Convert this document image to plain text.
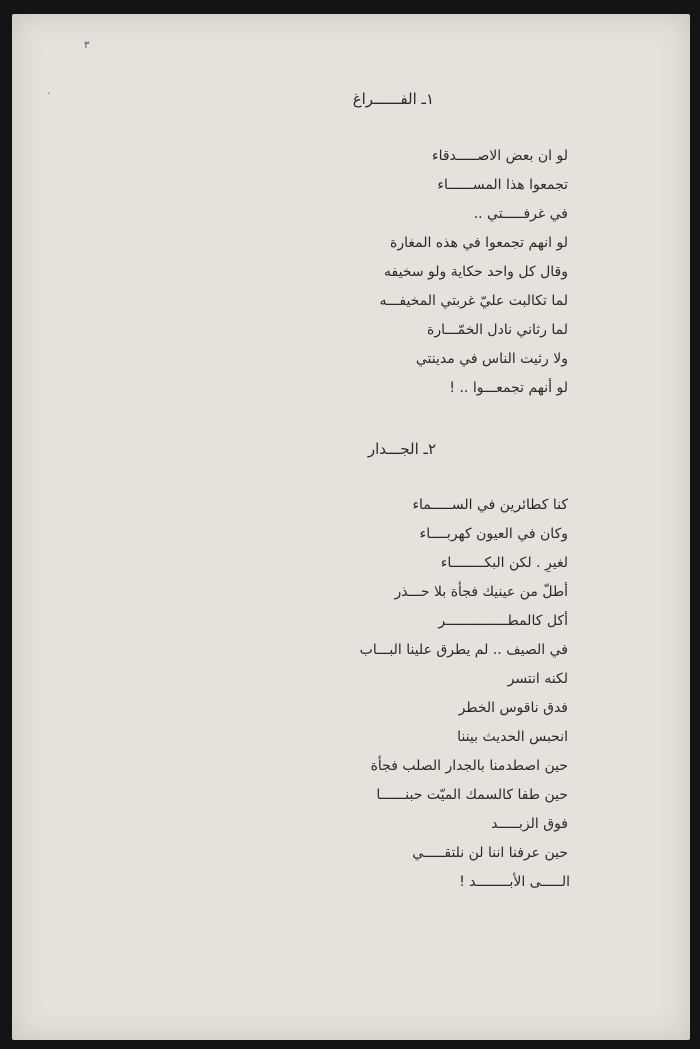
٣
٠	١ـ الفــــــراغ
لو ان بعض الاصـــــدقاء
تجمعوا هذا المســــــاء
في غرفـــــتي ..
لو انهم تجمعوا في هذه المغارة
وقال كل واحد حكاية ولو سخيفه
لما تكالبت عليّ غربتي المخيفـــه
لما رثاني نادل الخمّـــارة
ولا رثيت الناس في مدينتي
لو أنهم تجمعـــوا .. !
٢ـ الجـــدار
كنا كطائرين في الســـــماء
وكان في العيون كهربــــاء
لغيرِ . لكن البكــــــــاء
أطلّ من عينيك فجأة بلا حـــذر
أكل كالمطـــــــــــــــر
في الصيف .. لم يطرق علينا البـــاب
لكنه انتسر
فدق ناقوس الخطر
انحبس الحديث بيننا
حين اصطدمنا بالجدار الصلب فجأة
حين طفا كالسمك الميّت حبنــــــا
فوق الزبـــــد
حين عرفنا اننا لن نلتقـــــي
الـــــى الأبــــــــد !
